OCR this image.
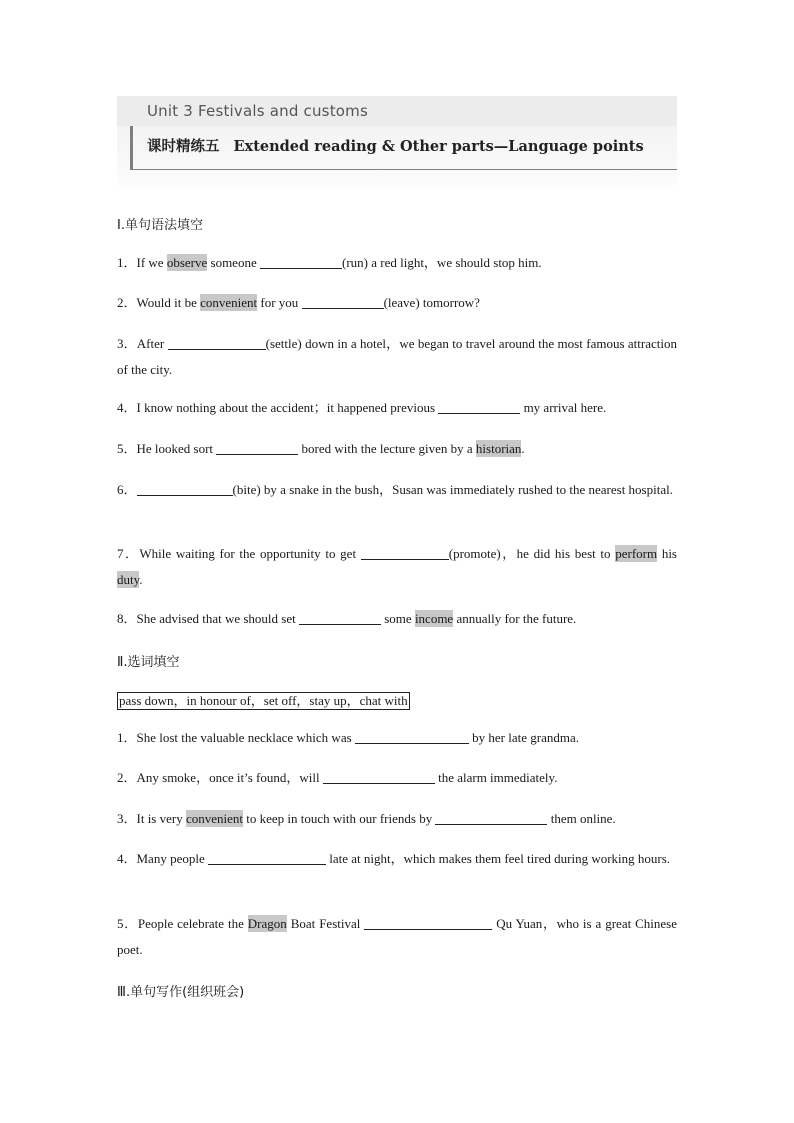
Unit 3 Festivals and customs
课时精练五 Extended reading & Other parts—Language points
Ⅰ.单句语法填空
1．If we observe someone	(run) a red light，we should stop him.
2．Would it be convenient for you	(leave) tomorrow?
3．After	(settle) down in a hotel，we began to travel around the most famous attraction of the city.
4．I know nothing about the accident；it happened previous	my arrival here.
5．He looked sort	bored with the lecture given by a historian.
6．	(bite) by a snake in the bush，Susan was immediately rushed to the nearest hospital.
7．While waiting for the opportunity to get	(promote)，he did his best to perform his duty.
8．She advised that we should set	some income annually for the future.
Ⅱ.选词填空
pass down，in honour of，set off，stay up，chat with
1．She lost the valuable necklace which was	by her late grandma.
2．Any smoke，once it’s found，will	the alarm immediately.
3．It is very convenient to keep in touch with our friends by	them online.
4．Many people	late at night，which makes them feel tired during working hours.
5．People celebrate the Dragon Boat Festival	Qu Yuan，who is a great Chinese poet.
Ⅲ.单句写作(组织班会)
